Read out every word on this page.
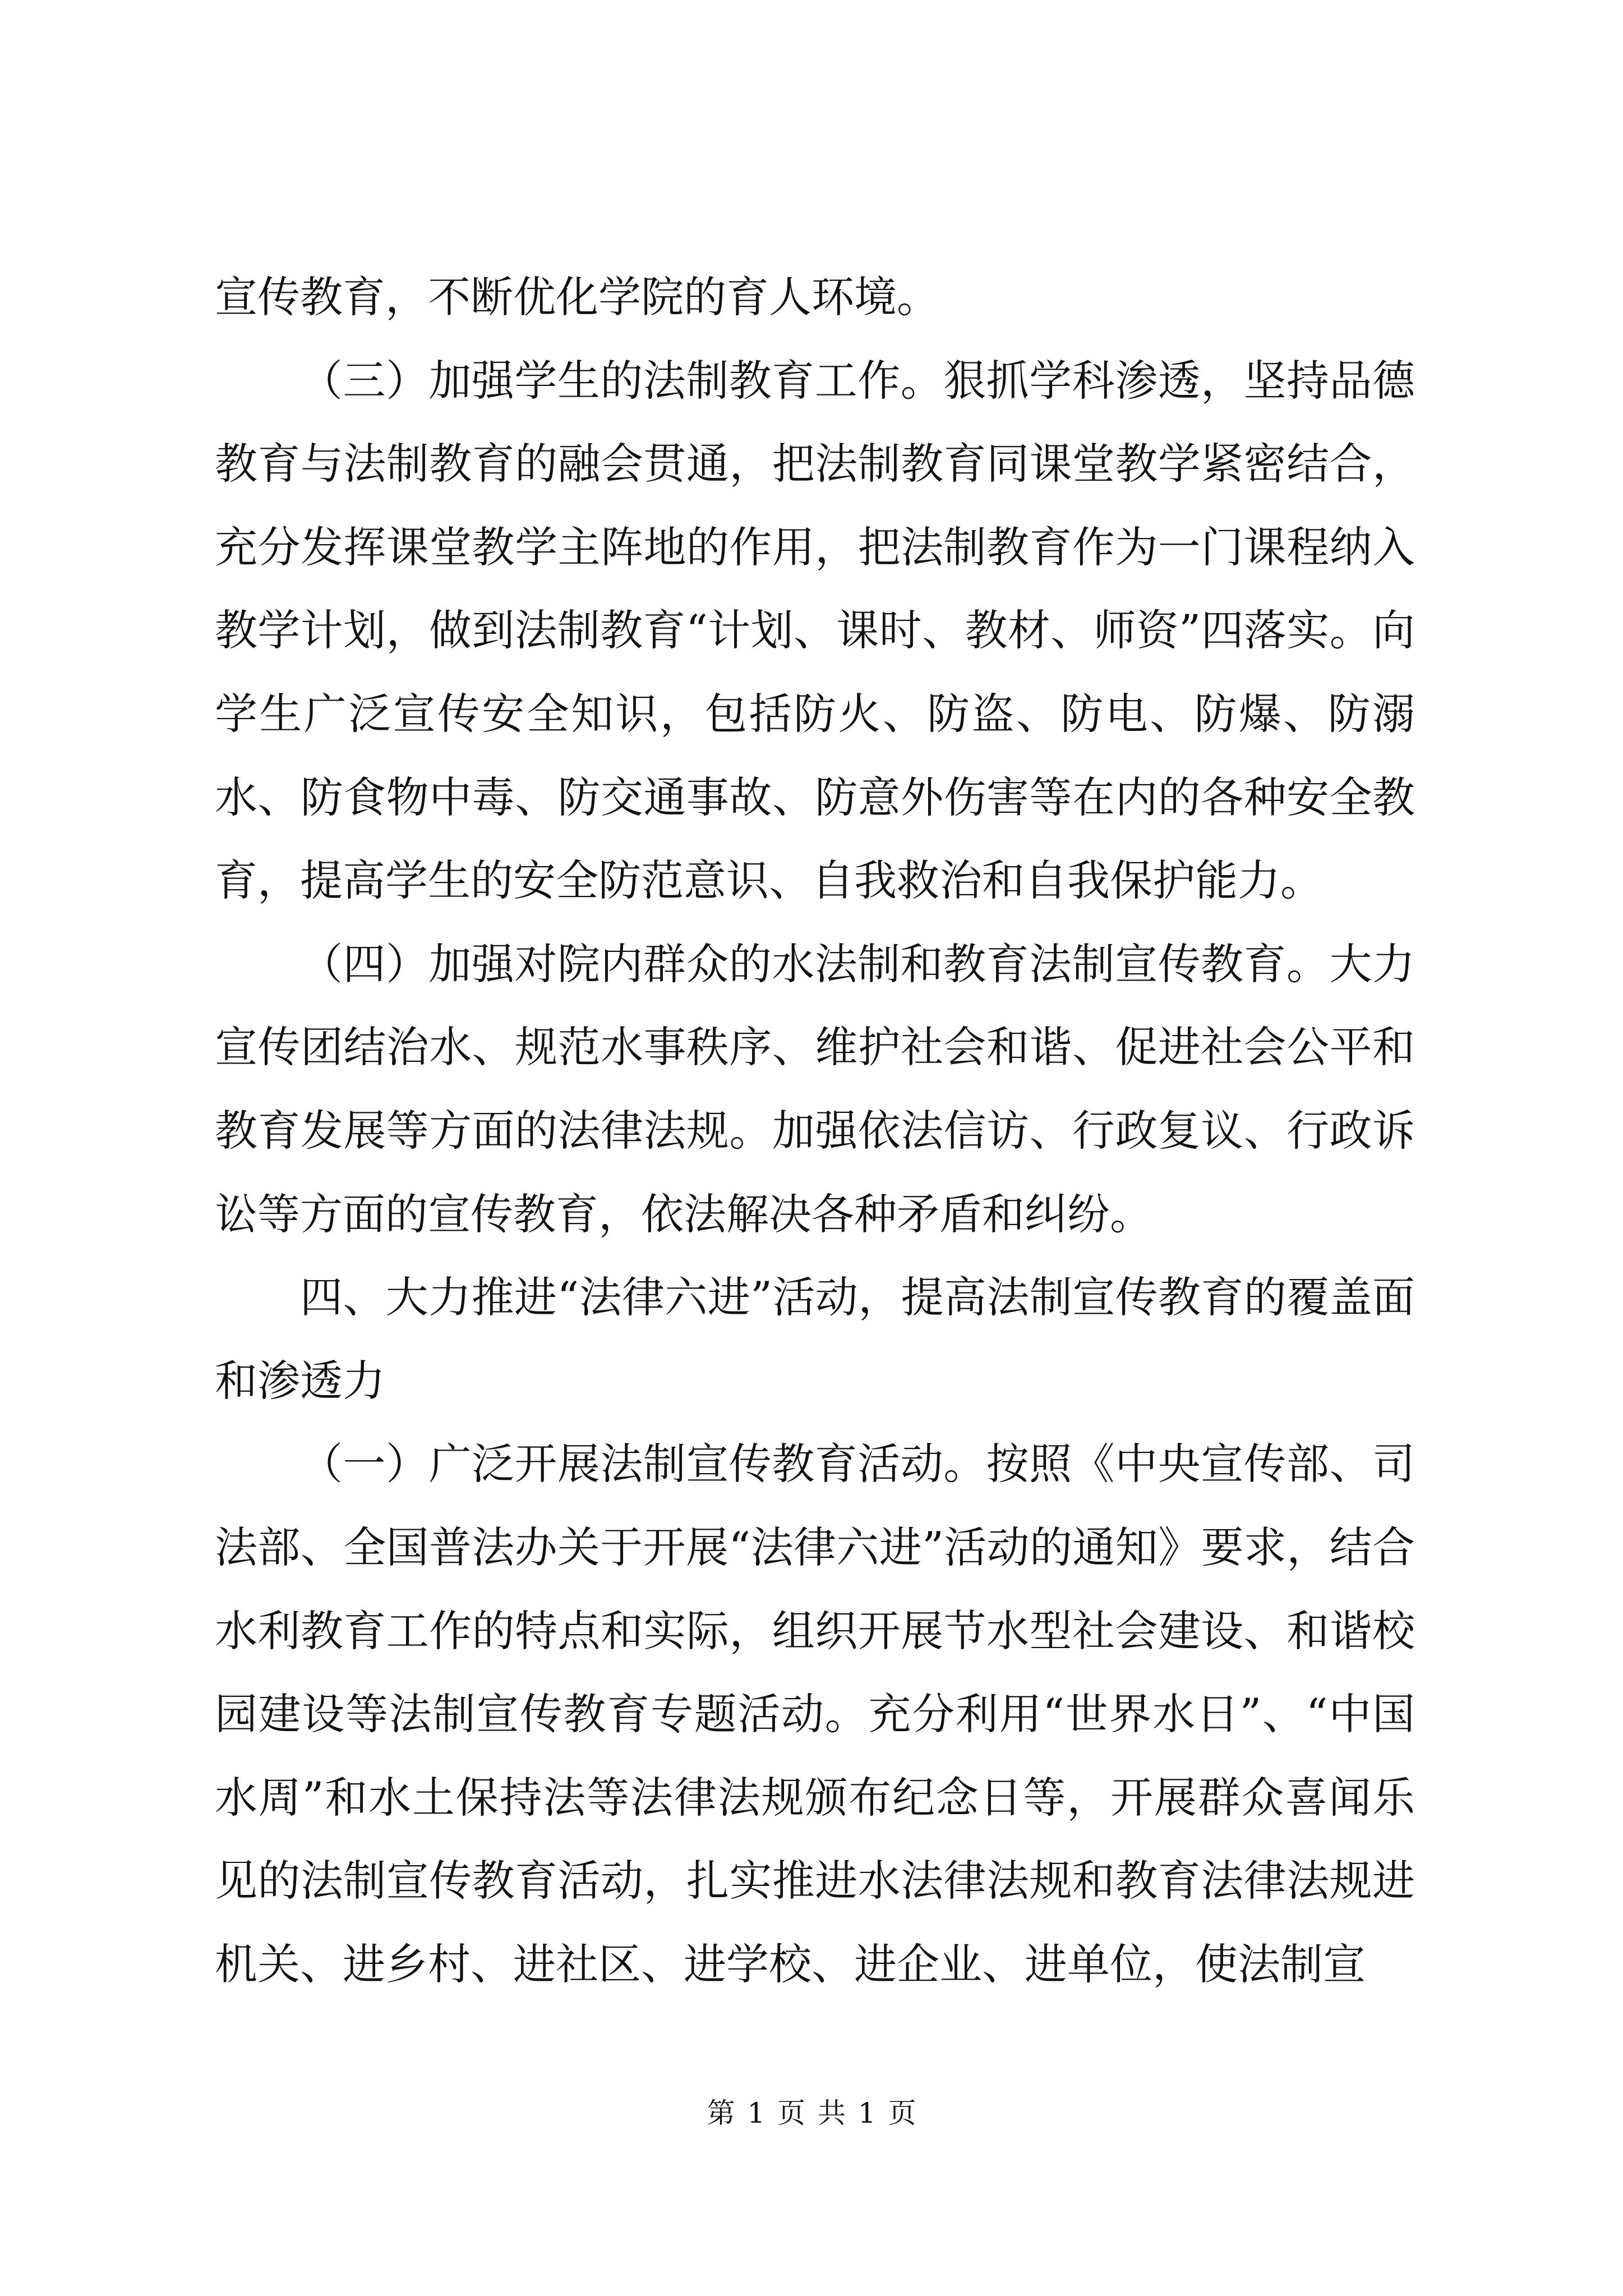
宣传教育，不断优化学院的育人环境。

（三）加强学生的法制教育工作。狠抓学科渗透，坚持品德教育与法制教育的融会贯通，把法制教育同课堂教学紧密结合，充分发挥课堂教学主阵地的作用，把法制教育作为一门课程纳入教学计划，做到法制教育“计划、课时、教材、师资”四落实。向学生广泛宣传安全知识，包括防火、防盗、防电、防爆、防溺水、防食物中毒、防交通事故、防意外伤害等在内的各种安全教育，提高学生的安全防范意识、自我救治和自我保护能力。

（四）加强对院内群众的水法制和教育法制宣传教育。大力宣传团结治水、规范水事秩序、维护社会和谐、促进社会公平和教育发展等方面的法律法规。加强依法信访、行政复议、行政诉讼等方面的宣传教育，依法解决各种矛盾和纠纷。

四、大力推进“法律六进”活动，提高法制宣传教育的覆盖面和渗透力

（一）广泛开展法制宣传教育活动。按照《中央宣传部、司法部、全国普法办关于开展“法律六进”活动的通知》要求，结合水利教育工作的特点和实际，组织开展节水型社会建设、和谐校园建设等法制宣传教育专题活动。充分利用“世界水日”、“中国水周”和水土保持法等法律法规颁布纪念日等，开展群众喜闻乐见的法制宣传教育活动，扎实推进水法律法规和教育法律法规进机关、进乡村、进社区、进学校、进企业、进单位，使法制宣

第 1 页 共 1 页
